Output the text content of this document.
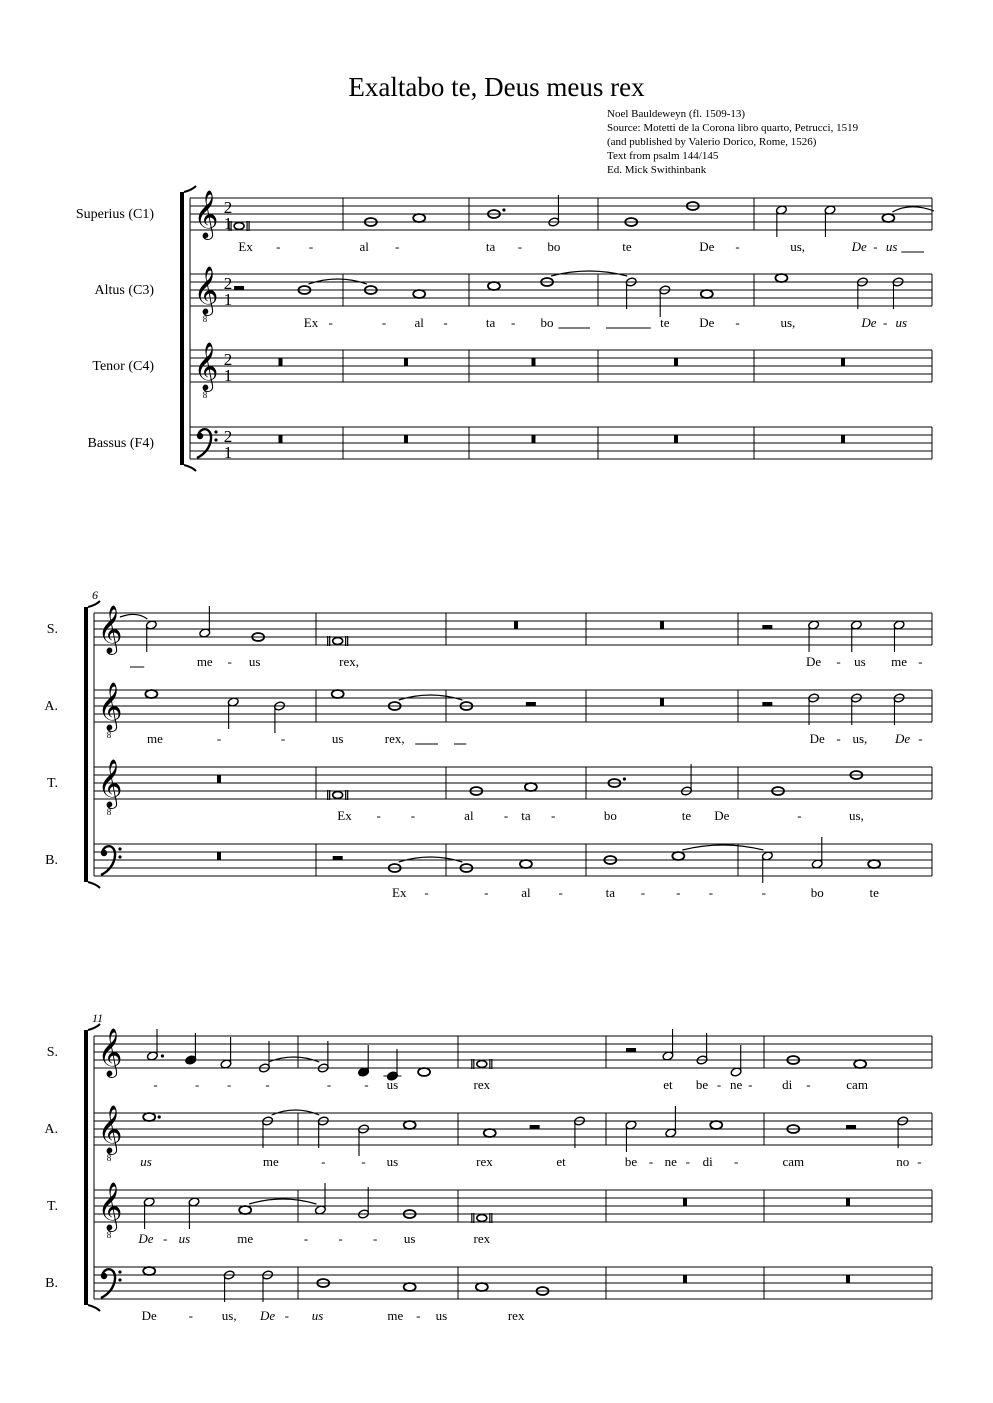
Exaltabo te, Deus meus rex
Noel Bauldeweyn (fl. 1509-13)
Source: Motetti de la Corona libro quarto, Petrucci, 1519
(and published by Valerio Dorico, Rome, 1526)
Text from psalm 144/145
Ed. Mick Swithinbank
Superius (C1) 𝄞 2
1
Ex - -	al -	ta - bo	te	De -	us,	De - us
Altus (C3) 𝄞
8
2
1
Ex -	- al -	ta - bo	te De -	us,	De - us
Tenor (C4) 𝄞
8
2
1
Bassus (F4)	2
1
6
S. 𝄞
me - us	rex,	De - us me -
A. 𝄞
8	me	-	-	us	rex,	De - us, De -
T. 𝄞
8	Ex - -	al - ta -	bo	te De	-	us,
B.
Ex -	-	al -	ta - - -	-	bo	te
11
S. 𝄞
-	- -	-	-	- us	rex	et be - ne - di -	cam
A. 𝄞
8 us	me	-	- us	rex	et	be - ne - di -	cam	no -
T. 𝄞
8 De - us	me	- - - us	rex
B.
De - us, De - us	me - us	rex
